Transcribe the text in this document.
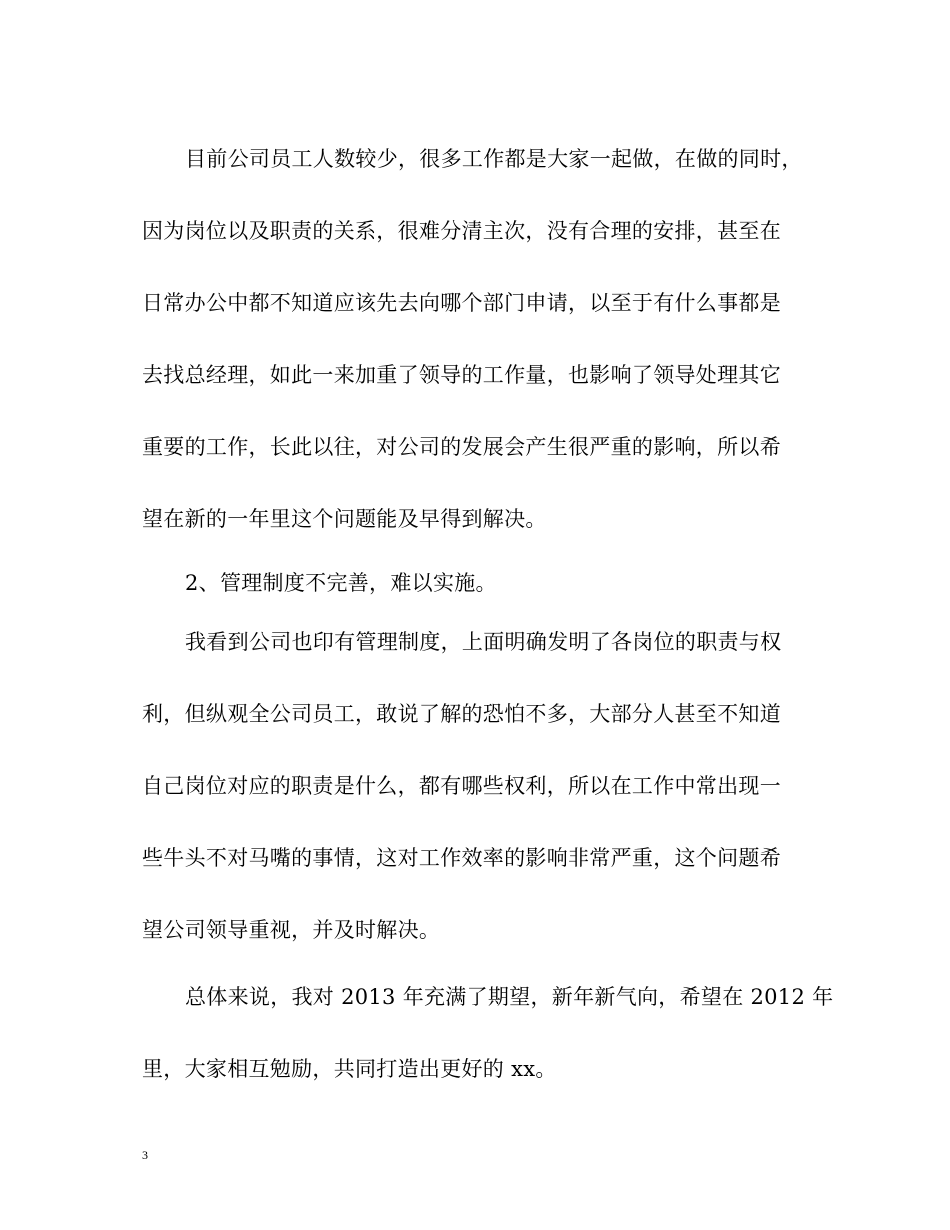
目前公司员工人数较少，很多工作都是大家一起做，在做的同时，
因为岗位以及职责的关系，很难分清主次，没有合理的安排，甚至在
日常办公中都不知道应该先去向哪个部门申请，以至于有什么事都是
去找总经理，如此一来加重了领导的工作量，也影响了领导处理其它
重要的工作，长此以往，对公司的发展会产生很严重的影响，所以希
望在新的一年里这个问题能及早得到解决。
2、管理制度不完善，难以实施。
我看到公司也印有管理制度，上面明确发明了各岗位的职责与权
利，但纵观全公司员工，敢说了解的恐怕不多，大部分人甚至不知道
自己岗位对应的职责是什么，都有哪些权利，所以在工作中常出现一
些牛头不对马嘴的事情，这对工作效率的影响非常严重，这个问题希
望公司领导重视，并及时解决。
总体来说，我对 2013 年充满了期望，新年新气向，希望在 2012 年
里，大家相互勉励，共同打造出更好的 xx。
3
